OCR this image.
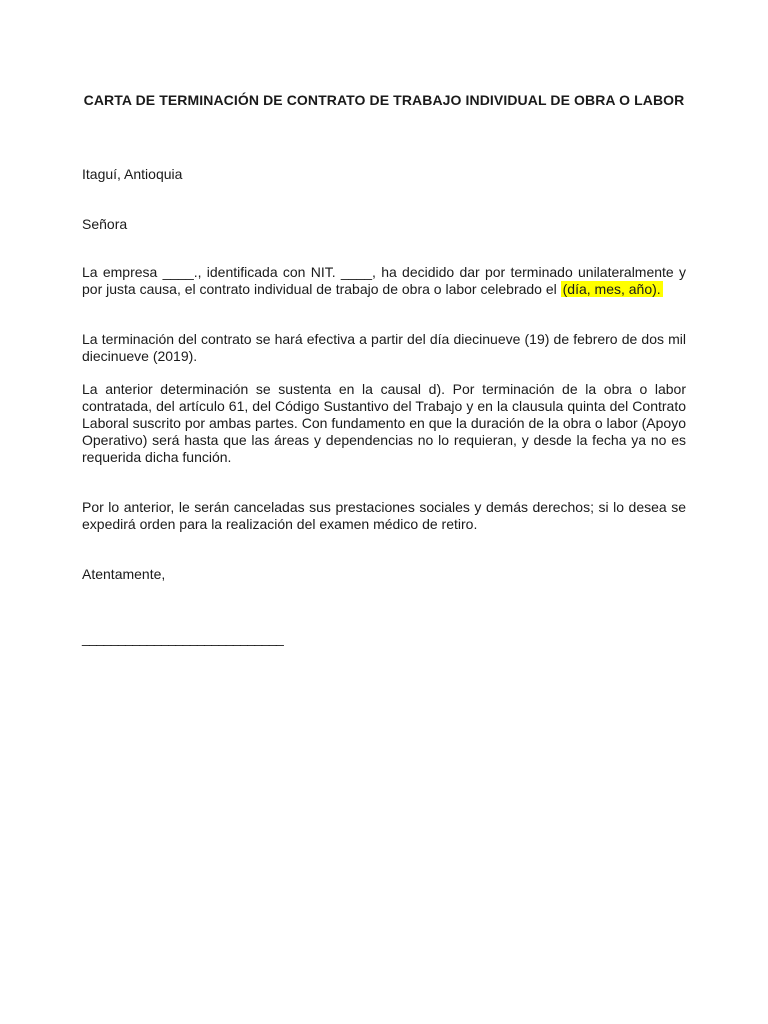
CARTA DE TERMINACIÓN DE CONTRATO DE TRABAJO INDIVIDUAL DE OBRA O LABOR
Itaguí, Antioquia
Señora
La empresa ____., identificada con NIT. ____, ha decidido dar por terminado unilateralmente y por justa causa, el contrato individual de trabajo de obra o labor celebrado el (día, mes, año).
La terminación del contrato se hará efectiva a partir del día diecinueve (19) de febrero de dos mil diecinueve (2019).
La anterior determinación se sustenta en la causal d). Por terminación de la obra o labor contratada, del artículo 61, del Código Sustantivo del Trabajo y en la clausula quinta del Contrato Laboral suscrito por ambas partes. Con fundamento en que la duración de la obra o labor (Apoyo Operativo) será hasta que las áreas y dependencias no lo requieran, y desde la fecha ya no es requerida dicha función.
Por lo anterior, le serán canceladas sus prestaciones sociales y demás derechos; si lo desea se expedirá orden para la realización del examen médico de retiro.
Atentamente,
____________________________
